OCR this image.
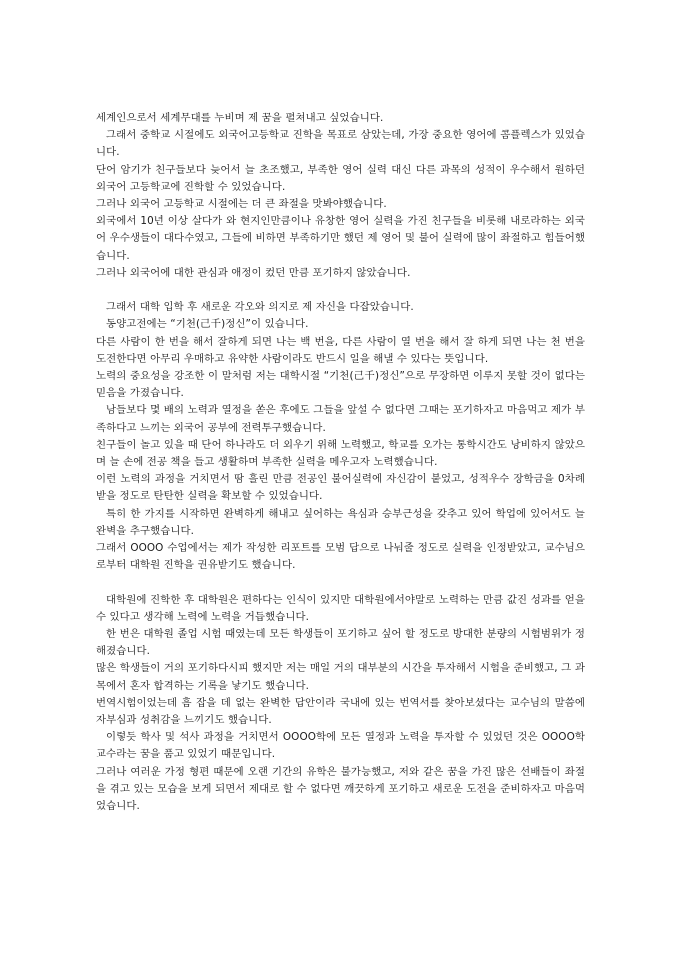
세계인으로서 세계무대를 누비며 제 꿈을 펼쳐내고 싶었습니다.

그래서 중학교 시절에도 외국어고등학교 진학을 목표로 삼았는데, 가장 중요한 영어에 콤플렉스가 있었습니다.

단어 암기가 친구들보다 늦어서 늘 초조했고, 부족한 영어 실력 대신 다른 과목의 성적이 우수해서 원하던 외국어 고등학교에 진학할 수 있었습니다.

그러나 외국어 고등학교 시절에는 더 큰 좌절을 맛봐야했습니다.

외국에서 10년 이상 살다가 와 현지인만큼이나 유창한 영어 실력을 가진 친구들을 비롯해 내로라하는 외국어 우수생들이 대다수였고, 그들에 비하면 부족하기만 했던 제 영어 및 불어 실력에 많이 좌절하고 힘들어했습니다.

그러나 외국어에 대한 관심과 애정이 컸던 만큼 포기하지 않았습니다.

그래서 대학 입학 후 새로운 각오와 의지로 제 자신을 다잡았습니다.

동양고전에는 “기천(己千)정신”이 있습니다.

다른 사람이 한 번을 해서 잘하게 되면 나는 백 번을, 다른 사람이 열 번을 해서 잘 하게 되면 나는 천 번을 도전한다면 아무리 우매하고 유약한 사람이라도 반드시 일을 해낼 수 있다는 뜻입니다.

노력의 중요성을 강조한 이 말처럼 저는 대학시절 “기천(己千)정신”으로 무장하면 이루지 못할 것이 없다는 믿음을 가졌습니다.

남들보다 몇 배의 노력과 열정을 쏟은 후에도 그들을 앞설 수 없다면 그때는 포기하자고 마음먹고 제가 부족하다고 느끼는 외국어 공부에 전력투구했습니다.

친구들이 놀고 있을 때 단어 하나라도 더 외우기 위해 노력했고, 학교를 오가는 통학시간도 낭비하지 않았으며 늘 손에 전공 책을 들고 생활하며 부족한 실력을 메우고자 노력했습니다.

이런 노력의 과정을 거치면서 땀 흘린 만큼 전공인 불어실력에 자신감이 붙었고, 성적우수 장학금을 0차례 받을 정도로 탄탄한 실력을 확보할 수 있었습니다.

특히 한 가지를 시작하면 완벽하게 해내고 싶어하는 욕심과 승부근성을 갖추고 있어 학업에 있어서도 늘 완벽을 추구했습니다.

그래서 OOOO 수업에서는 제가 작성한 리포트를 모범 답으로 나눠줄 정도로 실력을 인정받았고, 교수님으로부터 대학원 진학을 권유받기도 했습니다.

대학원에 진학한 후 대학원은 편하다는 인식이 있지만 대학원에서야말로 노력하는 만큼 값진 성과를 얻을 수 있다고 생각해 노력에 노력을 거듭했습니다.

한 번은 대학원 졸업 시험 때였는데 모든 학생들이 포기하고 싶어 할 정도로 방대한 분량의 시험범위가 정해졌습니다.

많은 학생들이 거의 포기하다시피 했지만 저는 매일 거의 대부분의 시간을 투자해서 시험을 준비했고, 그 과목에서 혼자 합격하는 기록을 낳기도 했습니다.

번역시험이었는데 흠 잡을 데 없는 완벽한 답안이라 국내에 있는 번역서를 찾아보셨다는 교수님의 말씀에 자부심과 성취감을 느끼기도 했습니다.

이렇듯 학사 및 석사 과정을 거치면서 OOOO학에 모든 열정과 노력을 투자할 수 있었던 것은 OOOO학 교수라는 꿈을 품고 있었기 때문입니다.

그러나 여러운 가정 형편 때문에 오랜 기간의 유학은 불가능했고, 저와 같은 꿈을 가진 많은 선배들이 좌절을 겪고 있는 모습을 보게 되면서 제대로 할 수 없다면 깨끗하게 포기하고 새로운 도전을 준비하자고 마음먹었습니다.
